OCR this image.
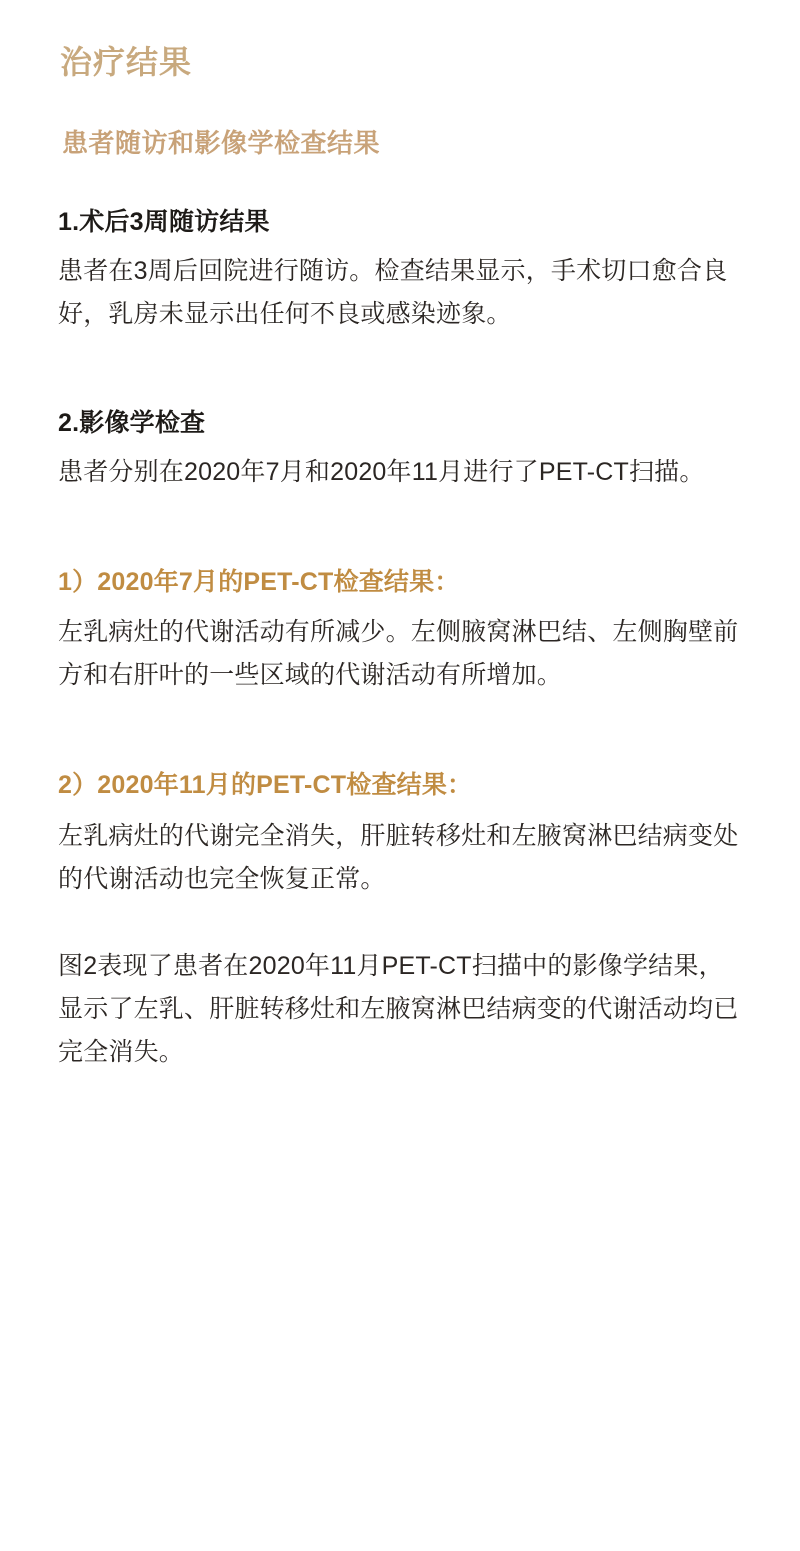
治疗结果
患者随访和影像学检查结果
1.术后3周随访结果

患者在3周后回院进行随访。检查结果显示，手术切口愈合良好，乳房未显示出任何不良或感染迹象。

2.影像学检查

患者分别在2020年7月和2020年11月进行了PET-CT扫描。

1）2020年7月的PET-CT检查结果：

左乳病灶的代谢活动有所减少。左侧腋窝淋巴结、左侧胸壁前方和右肝叶的一些区域的代谢活动有所增加。

2）2020年11月的PET-CT检查结果：

左乳病灶的代谢完全消失，肝脏转移灶和左腋窝淋巴结病变处的代谢活动也完全恢复正常。

图2表现了患者在2020年11月PET-CT扫描中的影像学结果，显示了左乳、肝脏转移灶和左腋窝淋巴结病变的代谢活动均已完全消失。
